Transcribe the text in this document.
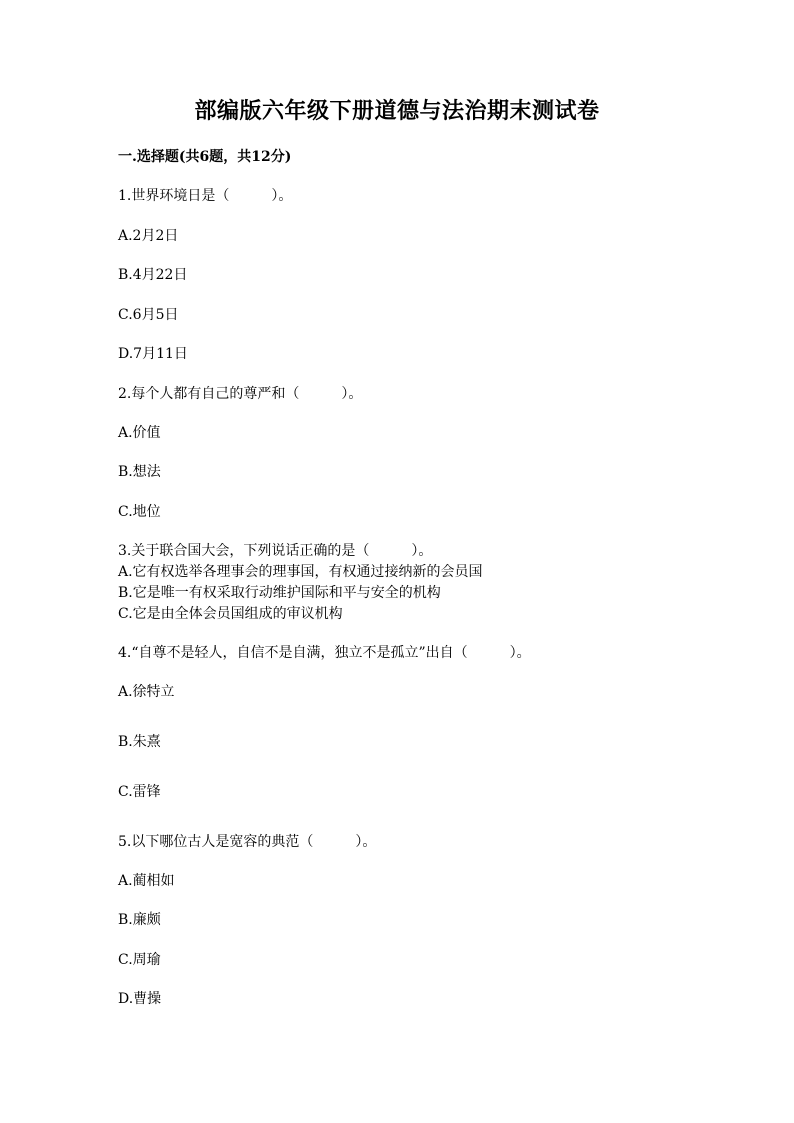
部编版六年级下册道德与法治期末测试卷
一.选择题(共6题，共12分)
1.世界环境日是（　　　）。
A.2月2日
B.4月22日
C.6月5日
D.7月11日
2.每个人都有自己的尊严和（　　　）。
A.价值
B.想法
C.地位
3.关于联合国大会，下列说话正确的是（　　　）。
A.它有权选举各理事会的理事国，有权通过接纳新的会员国
B.它是唯一有权采取行动维护国际和平与安全的机构
C.它是由全体会员国组成的审议机构
4.“自尊不是轻人，自信不是自满，独立不是孤立”出自（　　　）。
A.徐特立
B.朱熹
C.雷锋
5.以下哪位古人是宽容的典范（　　　）。
A.蔺相如
B.廉颇
C.周瑜
D.曹操
